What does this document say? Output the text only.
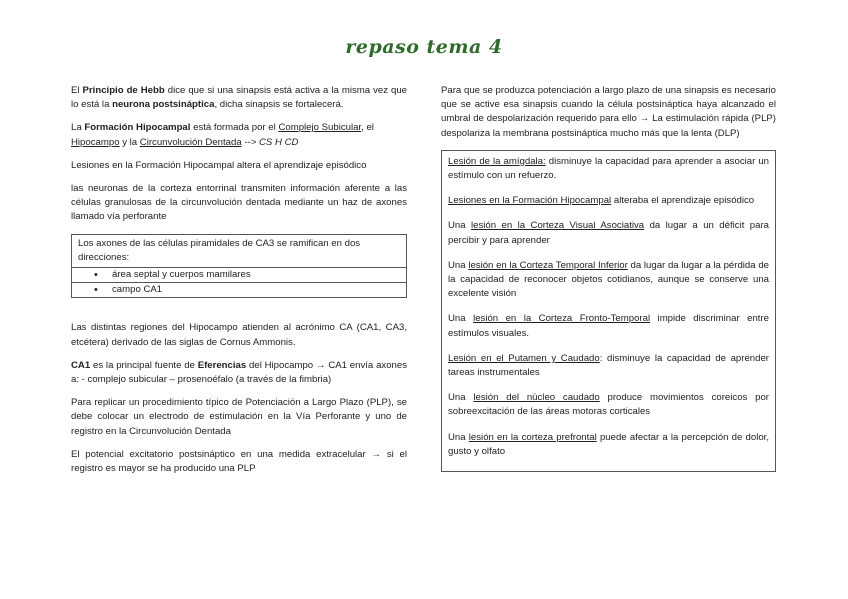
repaso tema 4

El Principio de Hebb dice que si una sinapsis está activa a la misma vez que lo está la neurona postsináptica, dicha sinapsis se fortalecerá.

La Formación Hipocampal está formada por el Complejo Subicular, el Hipocampo y la Circunvolución Dentada --> CS H CD

Lesiones en la Formación Hipocampal altera el aprendizaje episódico

las neuronas de la corteza entorrinal transmiten información aferente a las células granulosas de la circunvolución dentada mediante un haz de axones llamado vía perforante

Los axones de las células piramidales de CA3 se ramifican en dos direcciones:
• área septal y cuerpos mamilares
• campo CA1

Las distintas regiones del Hipocampo atienden al acrónimo CA (CA1, CA3, etcétera) derivado de las siglas de Cornus Ammonis.

CA1 es la principal fuente de Eferencias del Hipocampo → CA1 envía axones a: - complejo subicular – prosenoéfalo (a través de la fimbria)

Para replicar un procedimiento típico de Potenciación a Largo Plazo (PLP), se debe colocar un electrodo de estimulación en la Vía Perforante y uno de registro en la Circunvolución Dentada

El potencial excitatorio postsináptico en una medida extracelular → si el registro es mayor se ha producido una PLP

Para que se produzca potenciación a largo plazo de una sinapsis es necesario que se active esa sinapsis cuando la célula postsináptica haya alcanzado el umbral de despolarización requerido para ello → La estimulación rápida (PLP) despolariza la membrana postsináptica mucho más que la lenta (DLP)

Lesión de la amígdala: disminuye la capacidad para aprender a asociar un estímulo con un refuerzo.

Lesiones en la Formación Hipocampal alteraba el aprendizaje episódico

Una lesión en la Corteza Visual Asociativa da lugar a un déficit para percibir y para aprender

Una lesión en la Corteza Temporal Inferior da lugar da lugar a la pérdida de la capacidad de reconocer objetos cotidianos, aunque se conserve una excelente visión

Una lesión en la Corteza Fronto-Temporal impide discriminar entre estímulos visuales.

Lesión en el Putamen y Caudado: disminuye la capacidad de aprender tareas instrumentales

Una lesión del núcleo caudado produce movimientos coreicos por sobreexcitación de las áreas motoras corticales

Una lesión en la corteza prefrontal puede afectar a la percepción de dolor, gusto y olfato
